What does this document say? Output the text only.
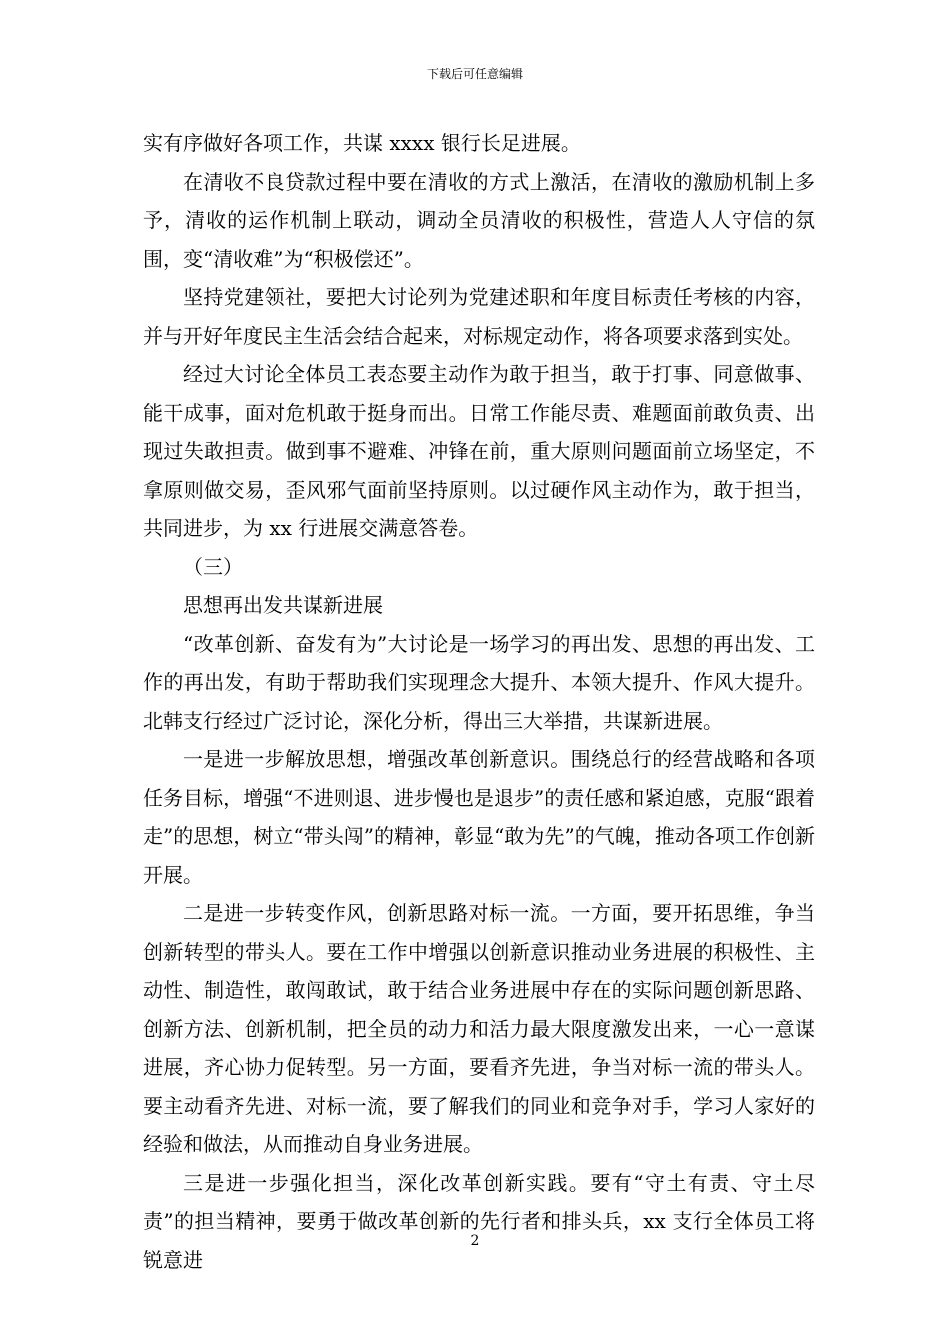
下载后可任意编辑

实有序做好各项工作，共谋 xxxx 银行长足进展。

在清收不良贷款过程中要在清收的方式上激活，在清收的激励机制上多予，清收的运作机制上联动，调动全员清收的积极性，营造人人守信的氛围，变“清收难”为“积极偿还”。

坚持党建领社，要把大讨论列为党建述职和年度目标责任考核的内容，并与开好年度民主生活会结合起来，对标规定动作，将各项要求落到实处。

经过大讨论全体员工表态要主动作为敢于担当，敢于打事、同意做事、能干成事，面对危机敢于挺身而出。日常工作能尽责、难题面前敢负责、出现过失敢担责。做到事不避难、冲锋在前，重大原则问题面前立场坚定，不拿原则做交易，歪风邪气面前坚持原则。以过硬作风主动作为，敢于担当，共同进步，为 xx 行进展交满意答卷。

（三）

思想再出发共谋新进展

“改革创新、奋发有为”大讨论是一场学习的再出发、思想的再出发、工作的再出发，有助于帮助我们实现理念大提升、本领大提升、作风大提升。北韩支行经过广泛讨论，深化分析，得出三大举措，共谋新进展。

一是进一步解放思想，增强改革创新意识。围绕总行的经营战略和各项任务目标，增强“不进则退、进步慢也是退步”的责任感和紧迫感，克服“跟着走”的思想，树立“带头闯”的精神，彰显“敢为先”的气魄，推动各项工作创新开展。

二是进一步转变作风，创新思路对标一流。一方面，要开拓思维，争当创新转型的带头人。要在工作中增强以创新意识推动业务进展的积极性、主动性、制造性，敢闯敢试，敢于结合业务进展中存在的实际问题创新思路、创新方法、创新机制，把全员的动力和活力最大限度激发出来，一心一意谋进展，齐心协力促转型。另一方面，要看齐先进，争当对标一流的带头人。要主动看齐先进、对标一流，要了解我们的同业和竞争对手，学习人家好的经验和做法，从而推动自身业务进展。

三是进一步强化担当，深化改革创新实践。要有“守土有责、守土尽责”的担当精神，要勇于做改革创新的先行者和排头兵，xx 支行全体员工将锐意进

2
